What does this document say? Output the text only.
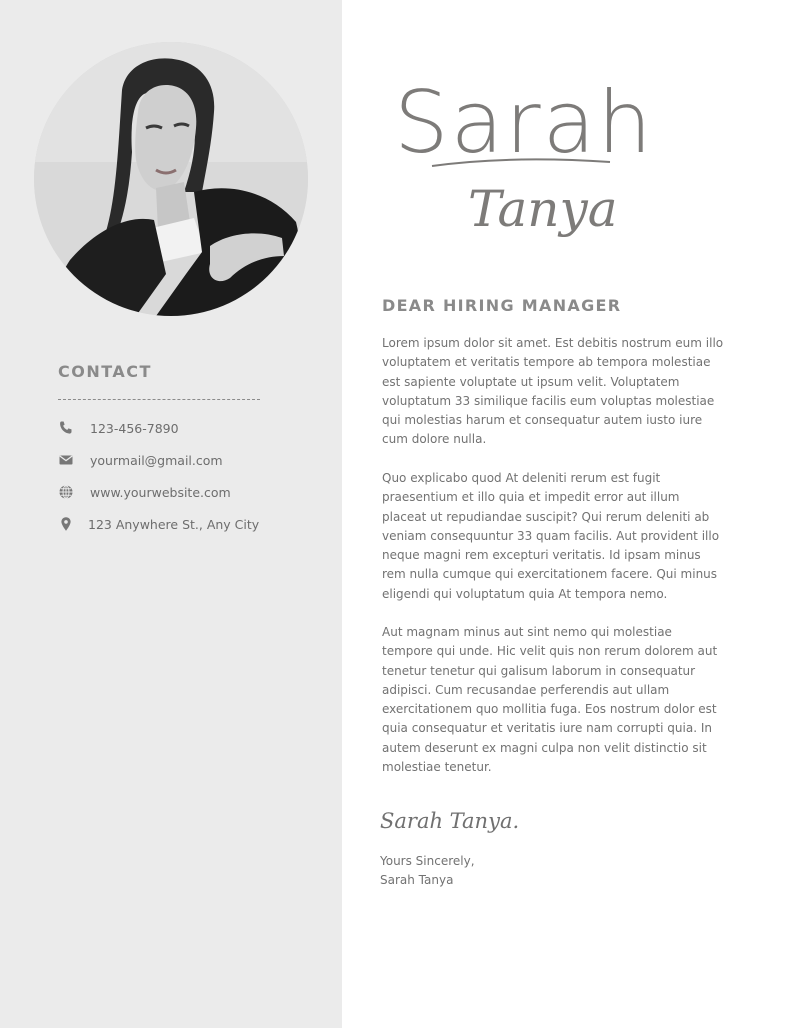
CONTACT
123-456-7890
yourmail@gmail.com
www.yourwebsite.com
123 Anywhere St., Any City
Sarah
Tanya
DEAR HIRING MANAGER

Lorem ipsum dolor sit amet. Est debitis nostrum eum illo voluptatem et veritatis tempore ab tempora molestiae est sapiente voluptate ut ipsum velit. Voluptatem voluptatum 33 similique facilis eum voluptas molestiae qui molestias harum et consequatur autem iusto iure cum dolore nulla.

Quo explicabo quod At deleniti rerum est fugit praesentium et illo quia et impedit error aut illum placeat ut repudiandae suscipit? Qui rerum deleniti ab veniam consequuntur 33 quam facilis. Aut provident illo neque magni rem excepturi veritatis. Id ipsam minus rem nulla cumque qui exercitationem facere. Qui minus eligendi qui voluptatum quia At tempora nemo.

Aut magnam minus aut sint nemo qui molestiae tempore qui unde. Hic velit quis non rerum dolorem aut tenetur tenetur qui galisum laborum in consequatur adipisci. Cum recusandae perferendis aut ullam exercitationem quo mollitia fuga. Eos nostrum dolor est quia consequatur et veritatis iure nam corrupti quia. In autem deserunt ex magni culpa non velit distinctio sit molestiae tenetur.

Sarah Tanya.
Yours Sincerely,
Sarah Tanya
